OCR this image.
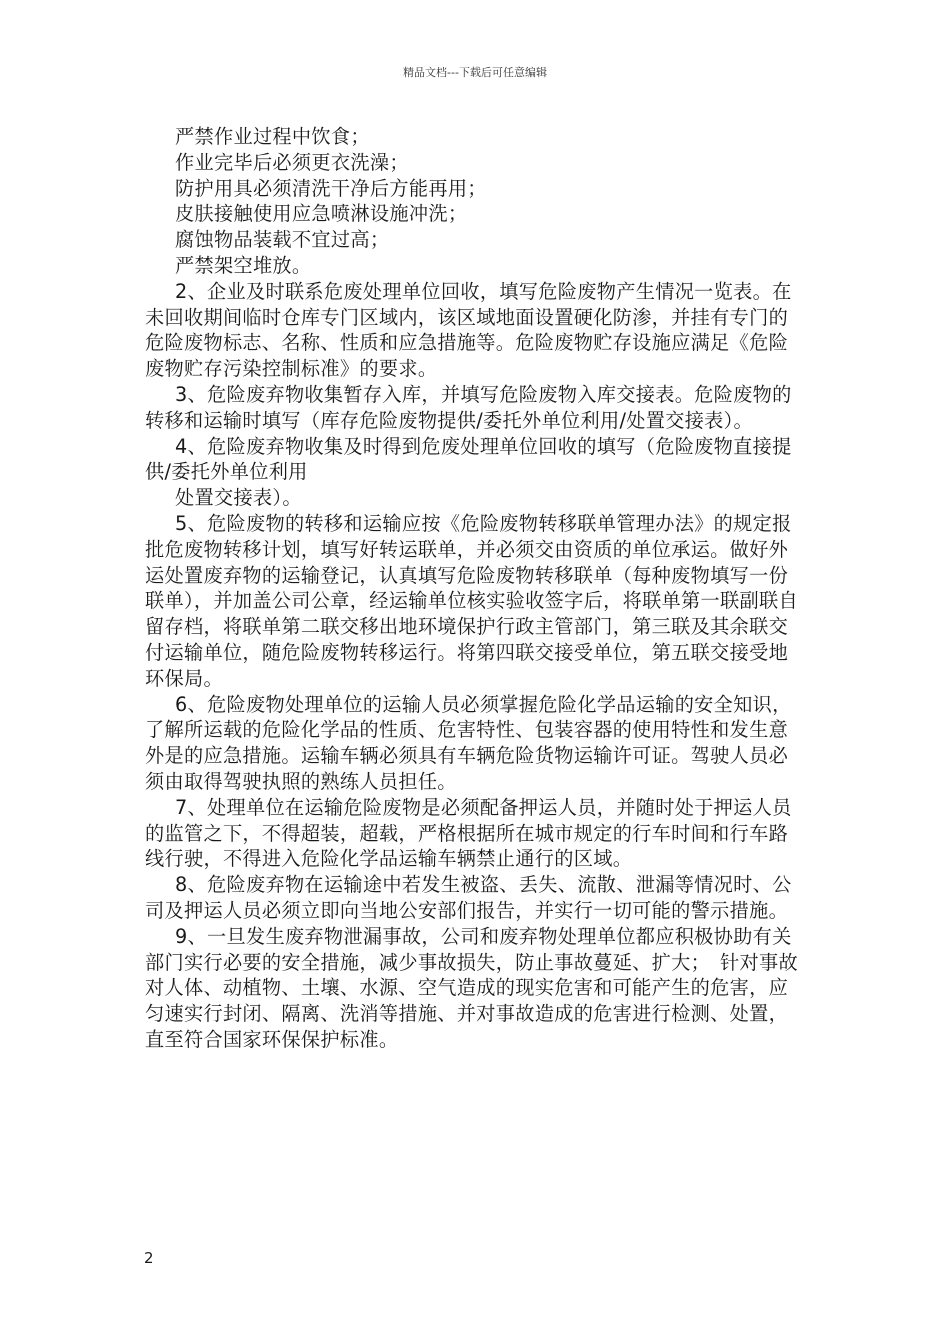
精品文档---下载后可任意编辑

严禁作业过程中饮食；

作业完毕后必须更衣洗澡；

防护用具必须清洗干净后方能再用；

皮肤接触使用应急喷淋设施冲洗；

腐蚀物品装载不宜过高；

严禁架空堆放。

2、企业及时联系危废处理单位回收，填写危险废物产生情况一览表。在未回收期间临时仓库专门区域内，该区域地面设置硬化防渗，并挂有专门的危险废物标志、名称、性质和应急措施等。危险废物贮存设施应满足《危险废物贮存污染控制标准》的要求。

3、危险废弃物收集暂存入库，并填写危险废物入库交接表。危险废物的转移和运输时填写（库存危险废物提供/委托外单位利用/处置交接表）。

4、危险废弃物收集及时得到危废处理单位回收的填写（危险废物直接提供/委托外单位利用

处置交接表）。

5、危险废物的转移和运输应按《危险废物转移联单管理办法》的规定报批危废物转移计划，填写好转运联单，并必须交由资质的单位承运。做好外运处置废弃物的运输登记，认真填写危险废物转移联单（每种废物填写一份联单），并加盖公司公章，经运输单位核实验收签字后，将联单第一联副联自留存档，将联单第二联交移出地环境保护行政主管部门，第三联及其余联交付运输单位，随危险废物转移运行。将第四联交接受单位，第五联交接受地环保局。

6、危险废物处理单位的运输人员必须掌握危险化学品运输的安全知识，了解所运载的危险化学品的性质、危害特性、包装容器的使用特性和发生意外是的应急措施。运输车辆必须具有车辆危险货物运输许可证。驾驶人员必须由取得驾驶执照的熟练人员担任。

7、处理单位在运输危险废物是必须配备押运人员，并随时处于押运人员的监管之下，不得超装，超载，严格根据所在城市规定的行车时间和行车路线行驶，不得进入危险化学品运输车辆禁止通行的区域。

8、危险废弃物在运输途中若发生被盗、丢失、流散、泄漏等情况时、公司及押运人员必须立即向当地公安部们报告，并实行一切可能的警示措施。

9、一旦发生废弃物泄漏事故，公司和废弃物处理单位都应积极协助有关部门实行必要的安全措施，减少事故损失，防止事故蔓延、扩大；　针对事故对人体、动植物、土壤、水源、空气造成的现实危害和可能产生的危害，应匀速实行封闭、隔离、洗消等措施、并对事故造成的危害进行检测、处置，直至符合国家环保保护标准。

2
